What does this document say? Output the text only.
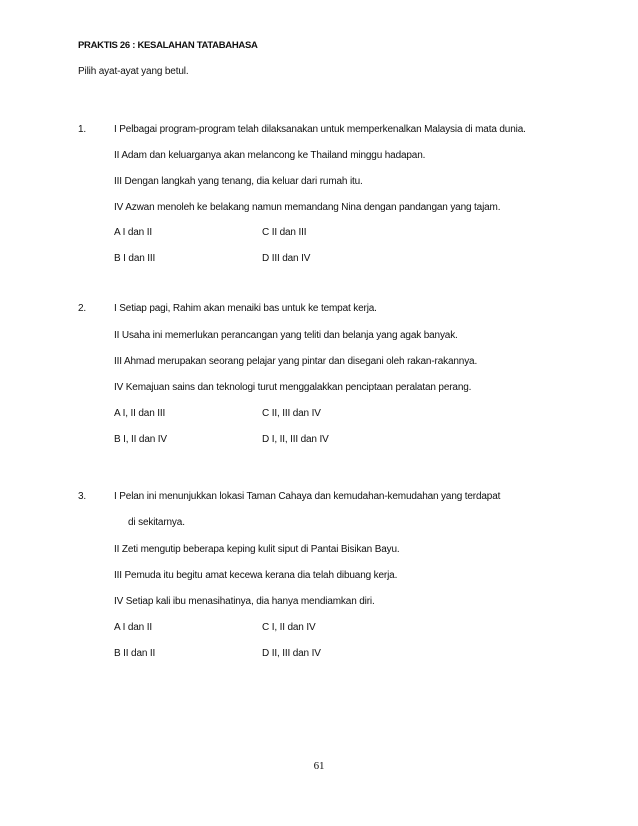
PRAKTIS 26 : KESALAHAN TATABAHASA
Pilih ayat-ayat yang betul.
1.	I Pelbagai program-program telah dilaksanakan untuk memperkenalkan Malaysia di mata dunia.
II Adam dan keluarganya akan melancong ke Thailand minggu hadapan.
III Dengan langkah yang tenang, dia keluar dari rumah itu.
IV Azwan menoleh ke belakang namun memandang Nina dengan pandangan yang tajam.
A I dan II	C II dan III
B I dan III	D III dan IV
2.	I Setiap pagi, Rahim akan menaiki bas untuk ke tempat kerja.
II Usaha ini memerlukan perancangan yang teliti dan belanja yang agak banyak.
III Ahmad merupakan seorang pelajar yang pintar dan disegani oleh rakan-rakannya.
IV Kemajuan sains dan teknologi turut menggalakkan penciptaan peralatan perang.
A I, II dan III	C II, III dan IV
B I, II dan IV	D I, II, III dan IV
3.	I Pelan ini menunjukkan lokasi Taman Cahaya dan kemudahan-kemudahan yang terdapat
di sekitarnya.
II Zeti mengutip beberapa keping kulit siput di Pantai Bisikan Bayu.
III Pemuda itu begitu amat kecewa kerana dia telah dibuang kerja.
IV Setiap kali ibu menasihatinya, dia hanya mendiamkan diri.
A I dan II	C I, II dan IV
B II dan II	D II, III dan IV
61
